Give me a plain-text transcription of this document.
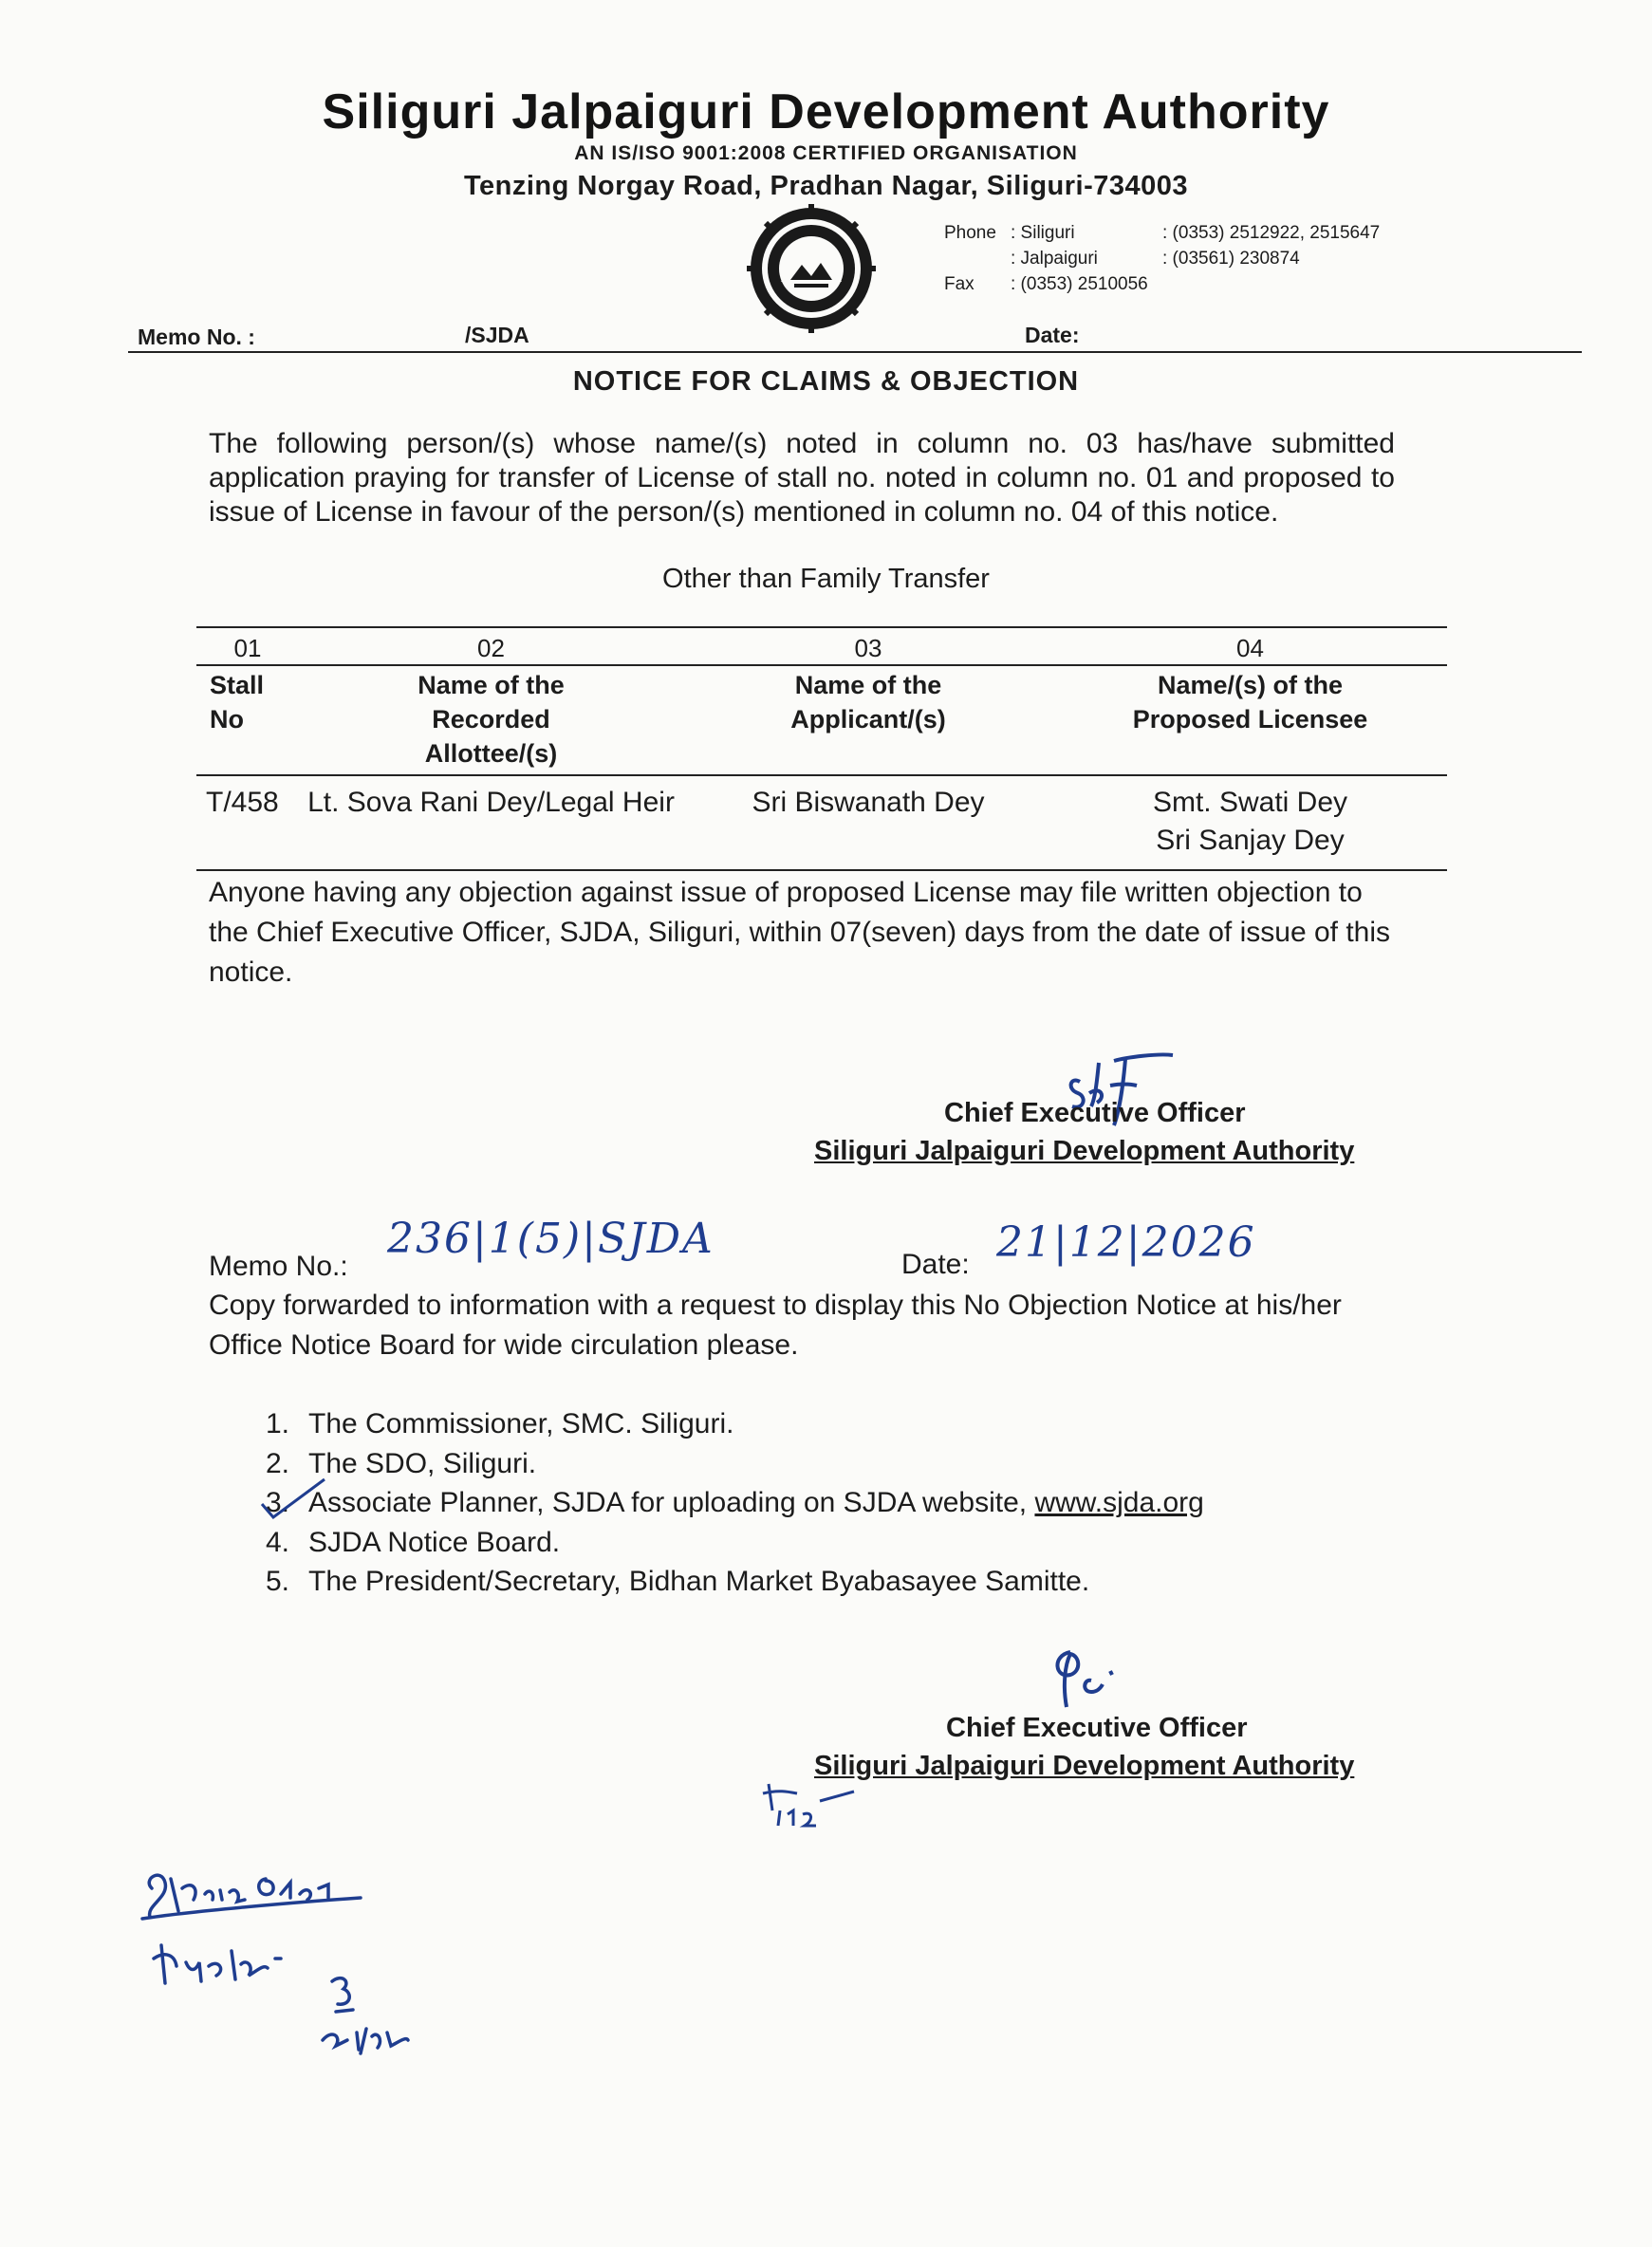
Siliguri Jalpaiguri Development Authority
AN IS/ISO 9001:2008 CERTIFIED ORGANISATION
Tenzing Norgay Road, Pradhan Nagar, Siliguri-734003
Phone : Siliguri	: (0353) 2512922, 2515647
: Jalpaiguri	: (03561) 230874
Fax	: (0353) 2510056
Memo No. :	/SJDA	Date:
NOTICE FOR CLAIMS & OBJECTION
The following person/(s) whose name/(s) noted in column no. 03 has/have submitted application praying for transfer of License of stall no. noted in column no. 01 and proposed to issue of License in favour of the person/(s) mentioned in column no. 04 of this notice.
Other than Family Transfer
01	02	03	04
Stall No	Name of the Recorded Allottee/(s)	Name of the Applicant/(s)	Name/(s) of the Proposed Licensee

T/458	Lt. Sova Rani Dey/Legal Heir	Sri Biswanath Dey	Smt. Swati Dey
Sri Sanjay Dey
Anyone having any objection against issue of proposed License may file written objection to the Chief Executive Officer, SJDA, Siliguri, within 07(seven) days from the date of issue of this notice.
Chief Executive Officer
Siliguri Jalpaiguri Development Authority
Memo No.:
236|1(5)|SJDA
Date: 21|12|2026
Copy forwarded to information with a request to display this No Objection Notice at his/her Office Notice Board for wide circulation please.
1. The Commissioner, SMC. Siliguri.
2. The SDO, Siliguri.
3. Associate Planner, SJDA for uploading on SJDA website, www.sjda.org
4. SJDA Notice Board.
5. The President/Secretary, Bidhan Market Byabasayee Samitte.
Chief Executive Officer
Siliguri Jalpaiguri Development Authority
